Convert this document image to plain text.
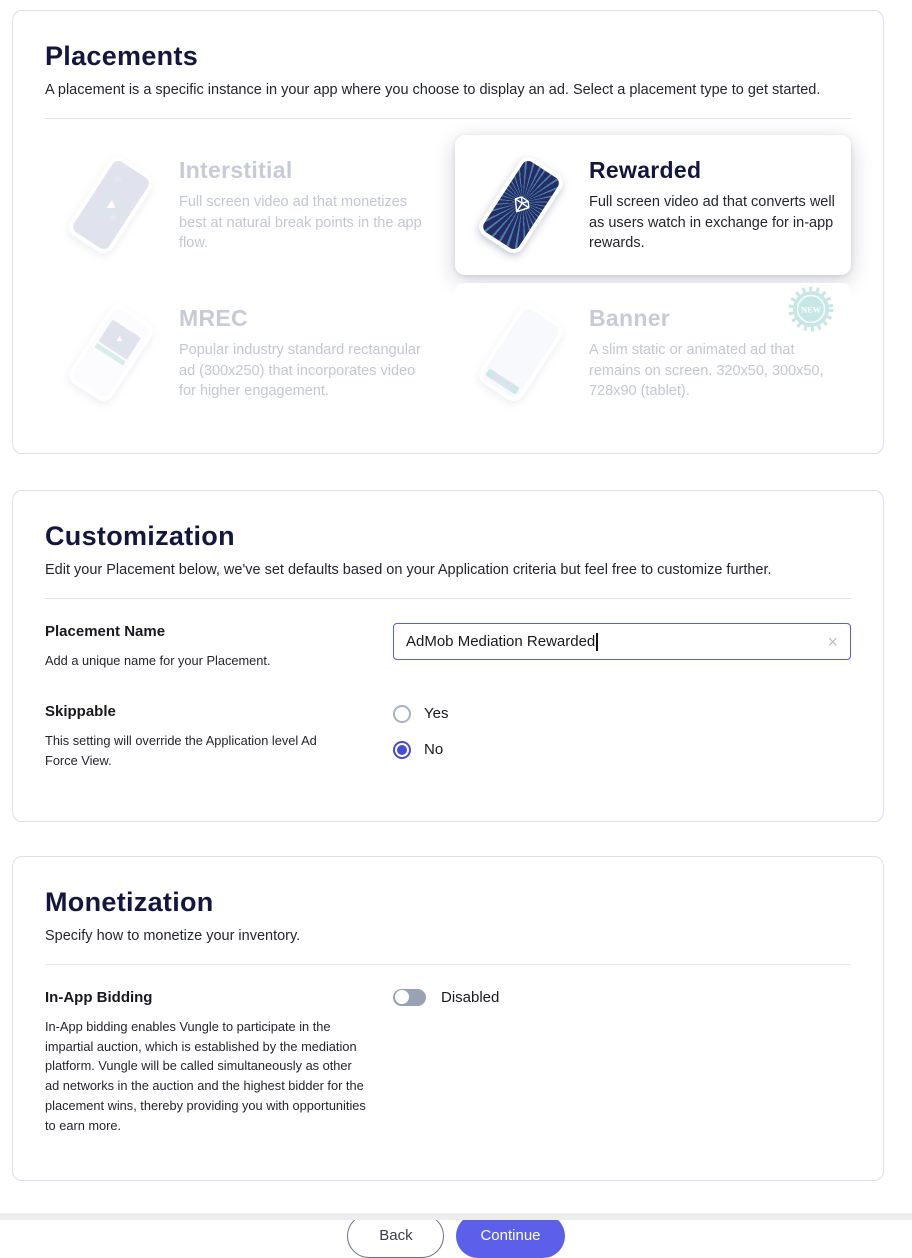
Placements

A placement is a specific instance in your app where you choose to display an ad. Select a placement type to get started.

Interstitial
Full screen video ad that monetizes best at natural break points in the app flow.
Rewarded
Full screen video ad that converts well as users watch in exchange for in-app rewards.
MREC
Popular industry standard rectangular ad (300x250) that incorporates video for higher engagement.
Banner
A slim static or animated ad that remains on screen. 320x50, 300x50, 728x90 (tablet).
NEW
Customization

Edit your Placement below, we've set defaults based on your Application criteria but feel free to customize further.

Placement Name
Add a unique name for your Placement.
AdMob Mediation Rewarded	×
Skippable
This setting will override the Application level Ad Force View.
Yes
No
Monetization

Specify how to monetize your inventory.

In-App Bidding
In-App bidding enables Vungle to participate in the impartial auction, which is established by the mediation platform. Vungle will be called simultaneously as other ad networks in the auction and the highest bidder for the placement wins, thereby providing you with opportunities to earn more.
Disabled
Back	Continue
